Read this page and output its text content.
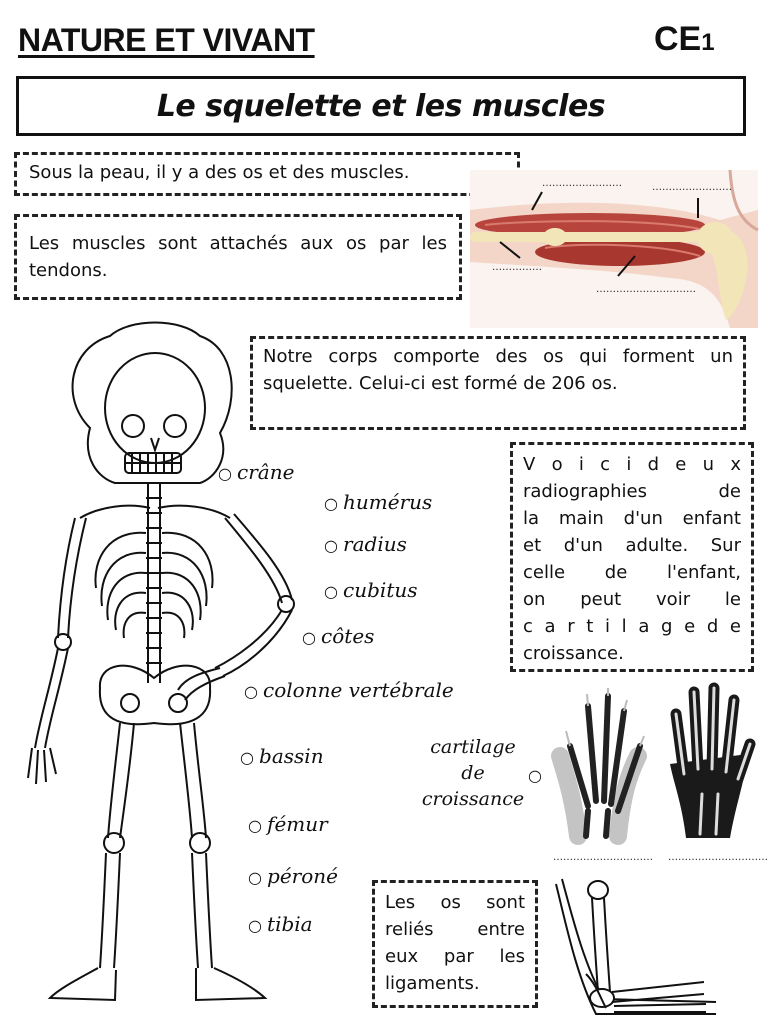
NATURE ET VIVANT	CE1
Le squelette et les muscles
Sous la peau, il y a des os et des muscles.
Les muscles sont attachés aux os par les tendons.
……………………	……………………
……………
…………………………
Notre corps comporte des os qui forment un squelette. Celui-ci est formé de 206 os.
V o i c i d e u x
radiographies de
la main d'un enfant
et d'un adulte. Sur
celle de l'enfant,
on peut voir le
c a r t i l a g e d e
croissance.
○ crâne
○ humérus
○ radius
○ cubitus
○ côtes
○ colonne vertébrale
○ bassin
○ fémur
○ péroné
○ tibia
cartilage
de
croissance
○
………………………… …………………………
Les os sont
reliés entre
eux par les
ligaments.
